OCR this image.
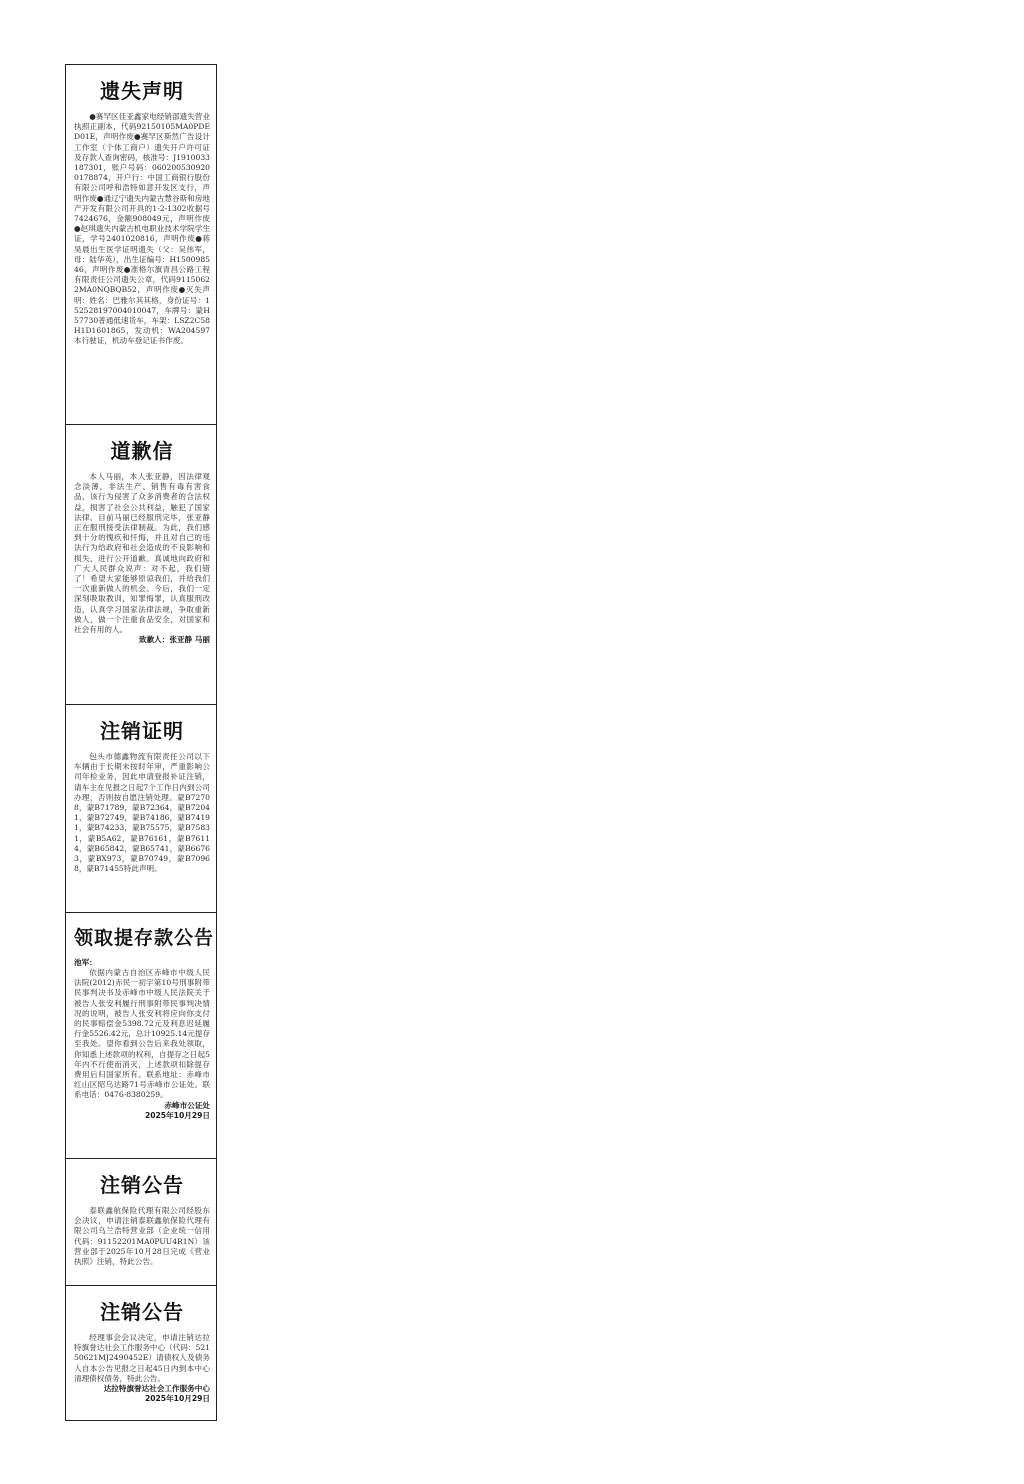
遗失声明

●赛罕区佳亚鑫家电经销部遗失营业执照正副本，代码92150105MA0PDED01E，声明作废●赛罕区斯然广告设计工作室（个体工商户）遗失开户许可证及存款人查询密码，核准号：J1910033187301，账户号码：0602005309200178874，开户行：中国工商银行股份有限公司呼和浩特如意开发区支行，声明作废●通辽宁遗失内蒙古慧谷斯和房地产开发有限公司开具的1-2-1302收据号7424676，金额908049元，声明作废●赵琪遗失内蒙古机电职业技术学院学生证，学号2401020816，声明作废●蒋昊晨出生医学证明遗失（父：吴伟军，母：陆华英），出生证编号：H150098546，声明作废●准格尔旗青昌公路工程有限责任公司遗失公章，代码91150622MA0NQBQB52，声明作废●灭失声明：姓名：巴雅尔其其格，身份证号：152528197004010047，车牌号：蒙H57730普通低速货车，车架：LSZ2C58H1D1601865，发动机：WA204597本行驶证，机动车登记证书作废。

道歉信

本人马丽，本人张亚静，因法律观念淡薄，非法生产、销售有毒有害食品，该行为侵害了众多消费者的合法权益，损害了社会公共利益，触犯了国家法律，目前马丽已经服刑完毕，张亚静正在服刑接受法律制裁。为此，我们感到十分的愧疚和忏悔，并且对自己的违法行为给政府和社会造成的不良影响和损失，进行公开道歉。真诚地向政府和广大人民群众说声：对不起，我们错了！希望大家能够原谅我们，并给我们一次重新做人的机会。今后，我们一定深刻吸取教训，知罪悔罪，认真服刑改造，认真学习国家法律法规，争取重新做人，做一个注重食品安全，对国家和社会有用的人。

致歉人：张亚静 马丽

注销证明

包头市德鑫物流有限责任公司以下车辆由于长期未按时年审，严重影响公司年检业务，因此申请登报补证注销，请车主在见报之日起7个工作日内到公司办理，否则按自愿注销处理。蒙B72708，蒙B71789，蒙B72364，蒙B72041，蒙B72749，蒙B74186，蒙B74191，蒙B74233，蒙B75575，蒙B75831，蒙B5A62，蒙B76161，蒙B76114，蒙B65842，蒙B65741，蒙B66763，蒙BX973，蒙B70749，蒙B70968，蒙B71455特此声明。

领取提存款公告

池军：

依据内蒙古自治区赤峰市中级人民法院(2012)赤民一初字第10号刑事附带民事判决书及赤峰市中级人民法院关于被告人张安利履行刑事附带民事判决情况的说明，被告人张安利将应向你支付的民事赔偿金5398.72元及利息迟延履行金5526.42元，总计10925.14元提存至我处。望你看到公告后来我处领取，你知悉上述款项的权利，自提存之日起5年内不行使而消灭，上述款项扣除提存费用后归国家所有。联系地址：赤峰市红山区昭乌达路71号赤峰市公证处。联系电话：0476-8380259。

赤峰市公证处

2025年10月29日

注销公告

泰联鑫航保险代理有限公司经股东会决议，申请注销泰联鑫航保险代理有限公司乌兰浩特营业部（企业统一信用代码：91152201MA0PUU4R1N）该营业部于2025年10月28日完成《营业执照》注销，特此公告。

注销公告

经理事会会议决定，申请注销达拉特旗誉达社会工作服务中心（代码：52150621MJ2490452E）请债权人及债务人自本公告见报之日起45日内到本中心清理债权债务，特此公告。

达拉特旗誉达社会工作服务中心

2025年10月29日
